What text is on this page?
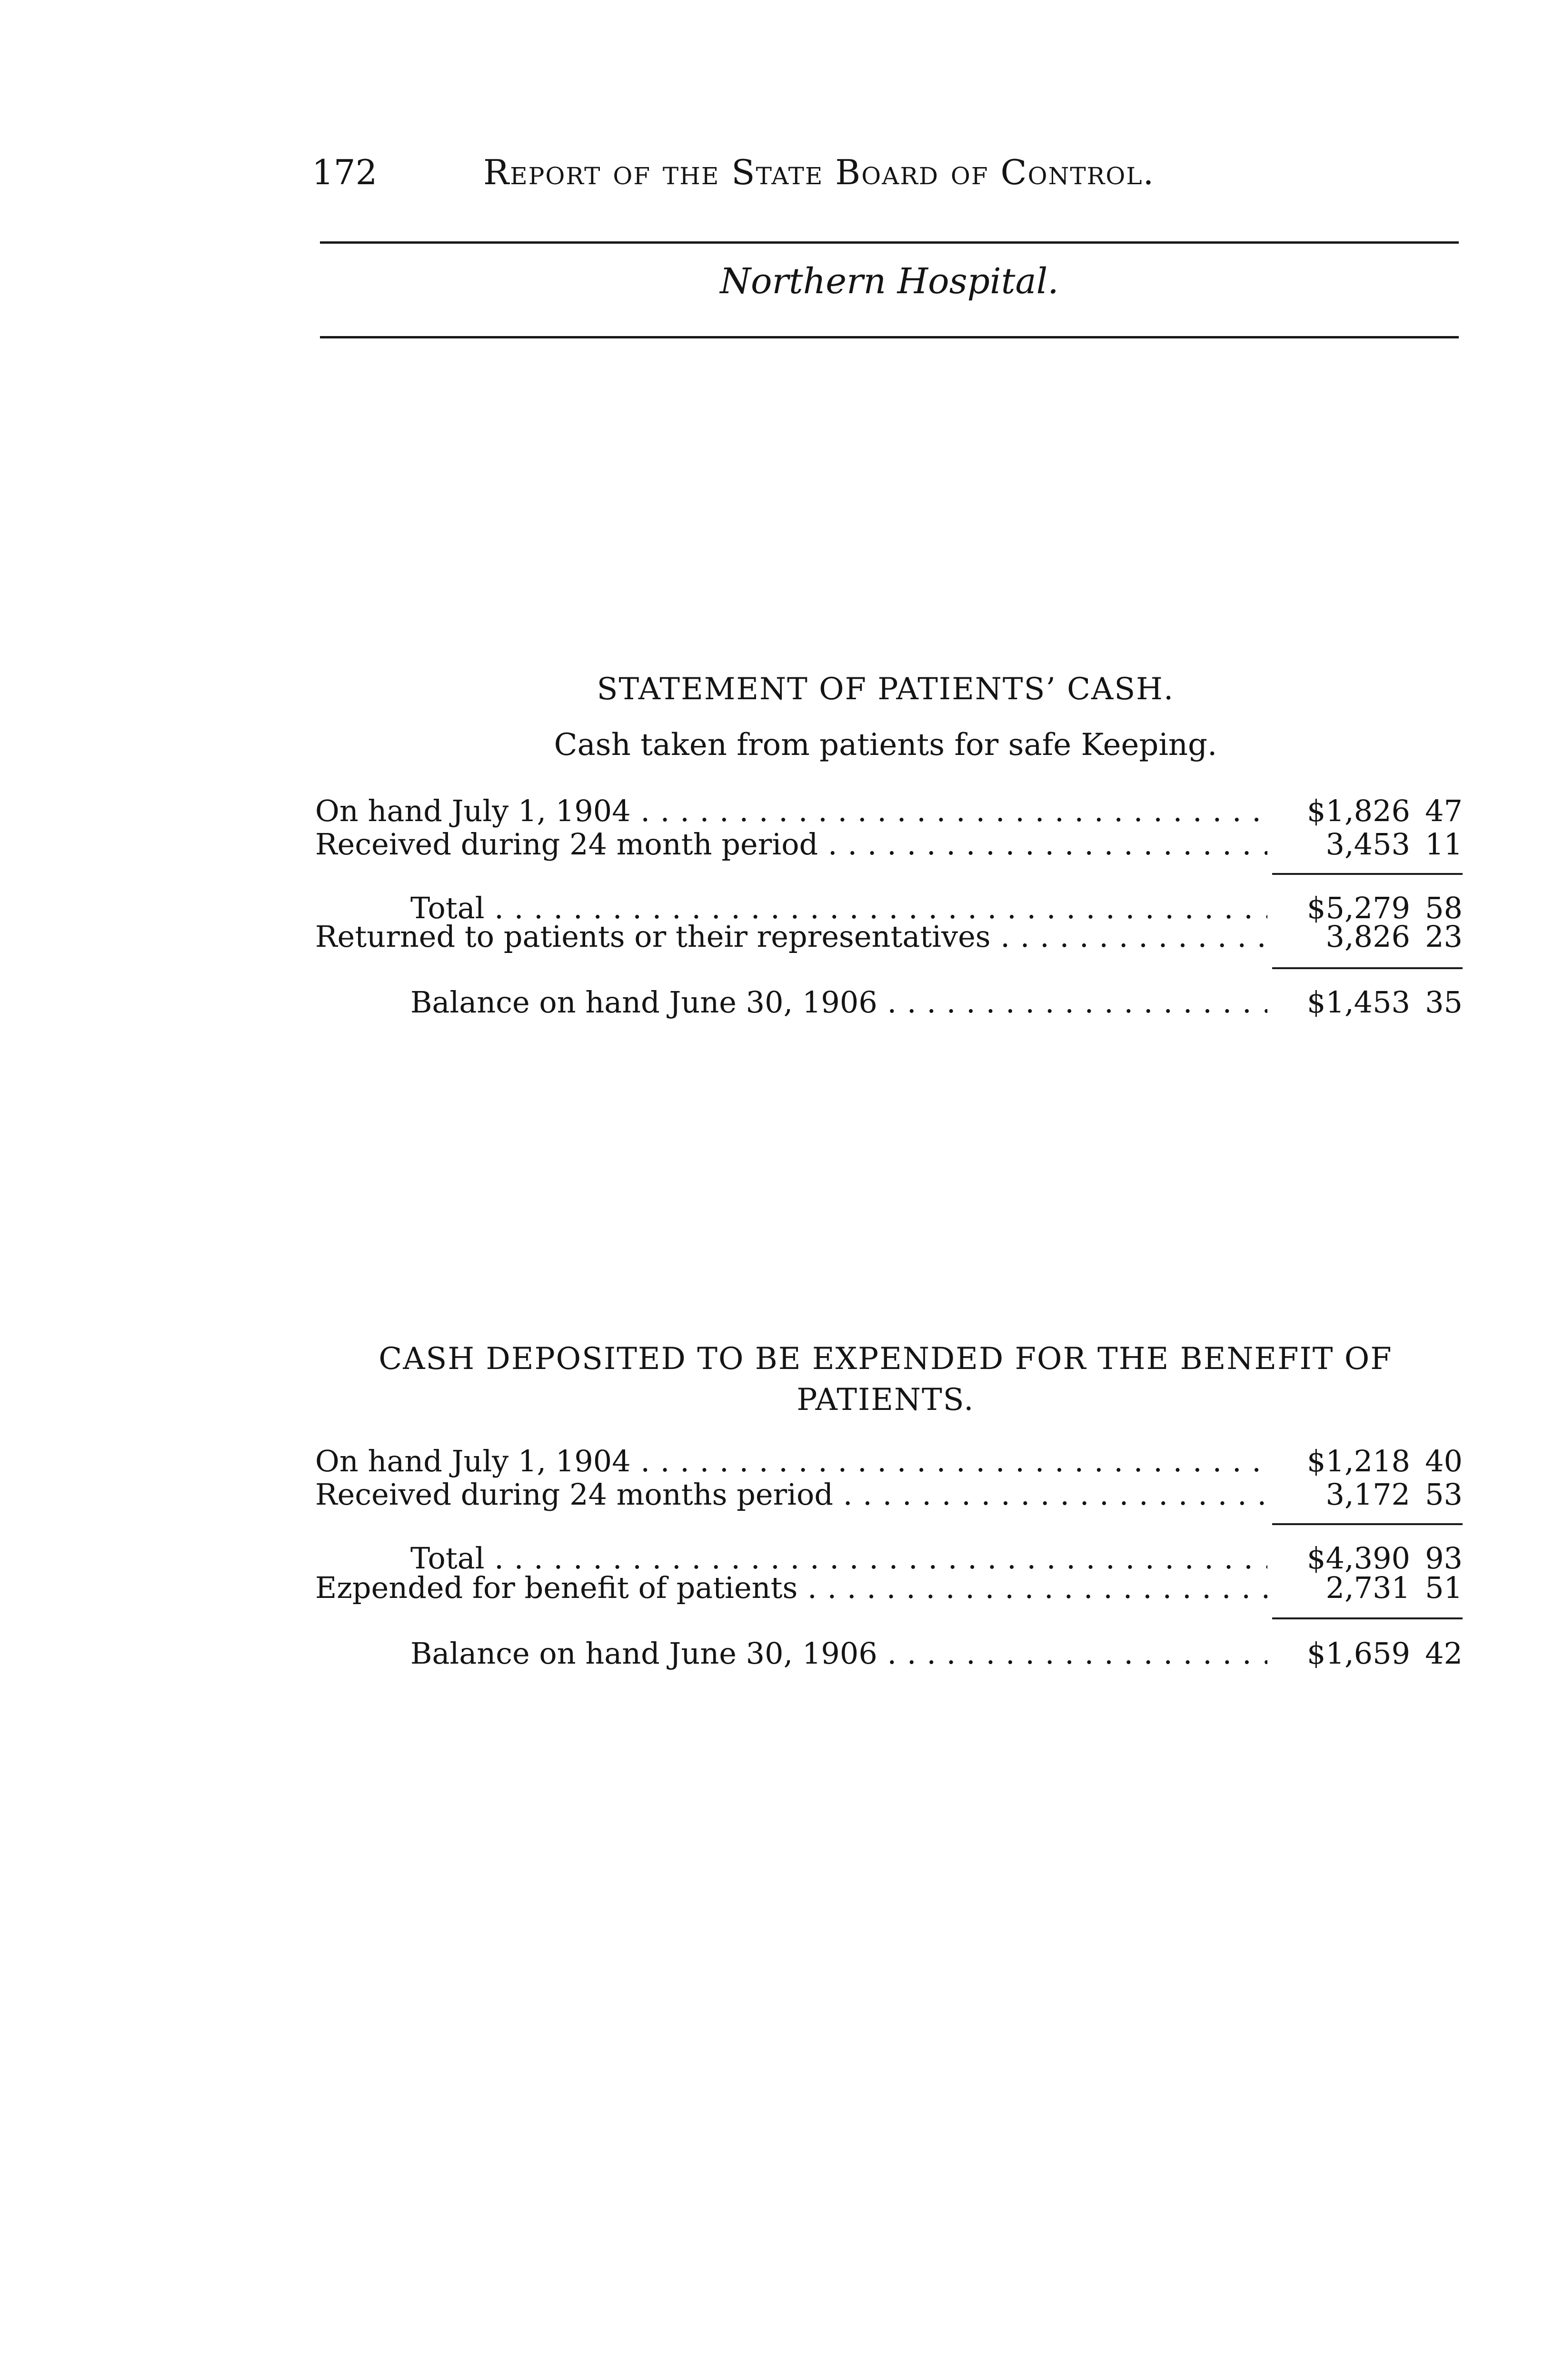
172	Report of the State Board of Control.
Northern Hospital.
STATEMENT OF PATIENTS’ CASH.
Cash taken from patients for safe Keeping.
On hand July 1, 1904 . . .	$1,826 47
Received during 24 month period . . .	3,453 11
Total . . .	$5,279 58
Returned to patients or their representatives . . .	3,826 23
Balance on hand June 30, 1906 . . .	$1,453 35
CASH DEPOSITED TO BE EXPENDED FOR THE BENEFIT OF
PATIENTS.
On hand July 1, 1904 . . .	$1,218 40
Received during 24 months period . . .	3,172 53
Total . . .	$4,390 93
Ezpended for benefit of patients . . .	2,731 51
Balance on hand June 30, 1906 . . .	$1,659 42
